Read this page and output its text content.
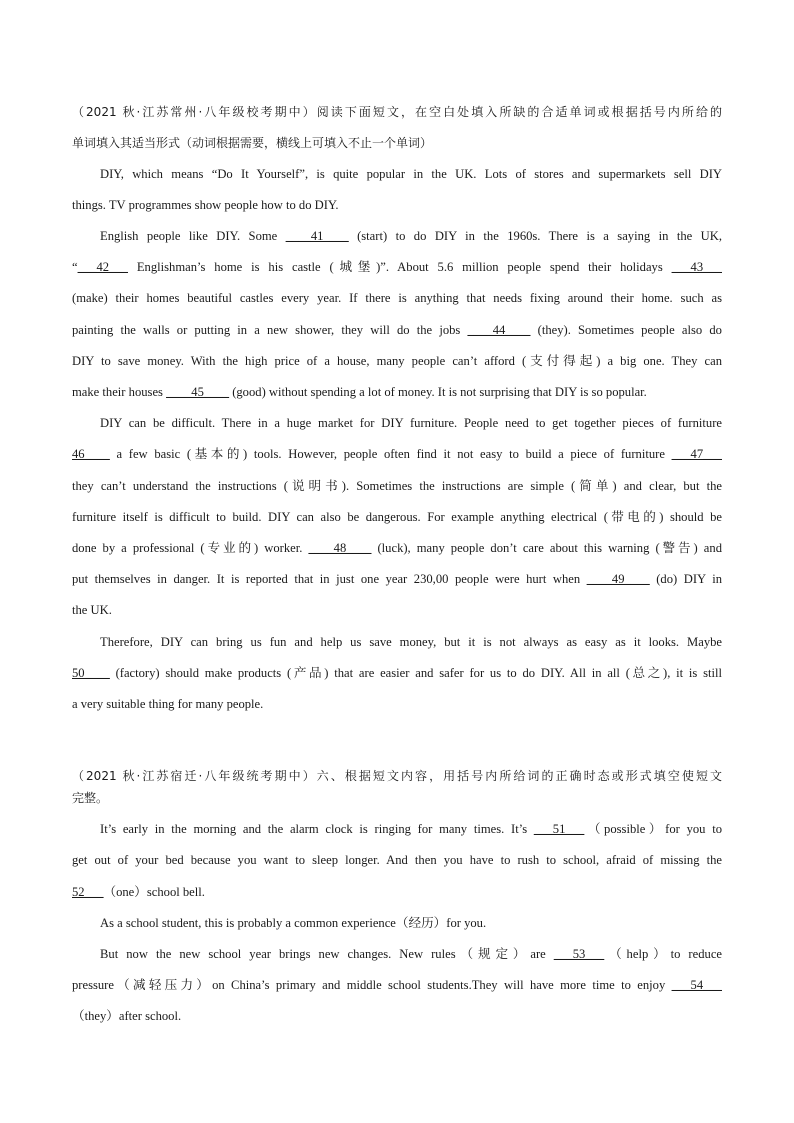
（2021 秋·江苏常州·八年级校考期中）阅读下面短文，在空白处填入所缺的合适单词或根据括号内所给的
单词填入其适当形式（动词根据需要，横线上可填入不止一个单词）
DIY, which means “Do It Yourself”, is quite popular in the UK. Lots of stores and supermarkets sell DIY
things. TV programmes show people how to do DIY.
English people like DIY. Some ____41____ (start) to do DIY in the 1960s. There is a saying in the UK,
“___42___ Englishman’s home is his castle (城堡)”. About 5.6 million people spend their holidays ___43___
(make) their homes beautiful castles every year. If there is anything that needs fixing around their home. such as
painting the walls or putting in a new shower, they will do the jobs ____44____ (they). Sometimes people also do
DIY to save money. With the high price of a house, many people can’t afford (支付得起) a big one. They can
make their houses ____45____ (good) without spending a lot of money. It is not surprising that DIY is so popular.
DIY can be difficult. There in a huge market for DIY furniture. People need to get together pieces of furniture
46____ a few basic (基本的) tools. However, people often find it not easy to build a piece of furniture ___47___
they can’t understand the instructions (说明书). Sometimes the instructions are simple (简单) and clear, but the
furniture itself is difficult to build. DIY can also be dangerous. For example anything electrical (带电的) should be
done by a professional (专业的) worker. ____48____ (luck), many people don’t care about this warning (警告) and
put themselves in danger. It is reported that in just one year 230,00 people were hurt when ____49____ (do) DIY in
the UK.
Therefore, DIY can bring us fun and help us save money, but it is not always as easy as it looks. Maybe
50____ (factory) should make products (产品) that are easier and safer for us to do DIY. All in all (总之), it is still
a very suitable thing for many people.
（2021 秋·江苏宿迁·八年级统考期中）六、根据短文内容，用括号内所给词的正确时态或形式填空使短文
完整。
It’s early in the morning and the alarm clock is ringing for many times. It’s ___51___（possible）for you to
get out of your bed because you want to sleep longer. And then you have to rush to school, afraid of missing the
52___（one）school bell.
As a school student, this is probably a common experience（经历）for you.
But now the new school year brings new changes. New rules（规定）are ___53___（help）to reduce
pressure（减轻压力）on China’s primary and middle school students.They will have more time to enjoy ___54___
（they）after school.
